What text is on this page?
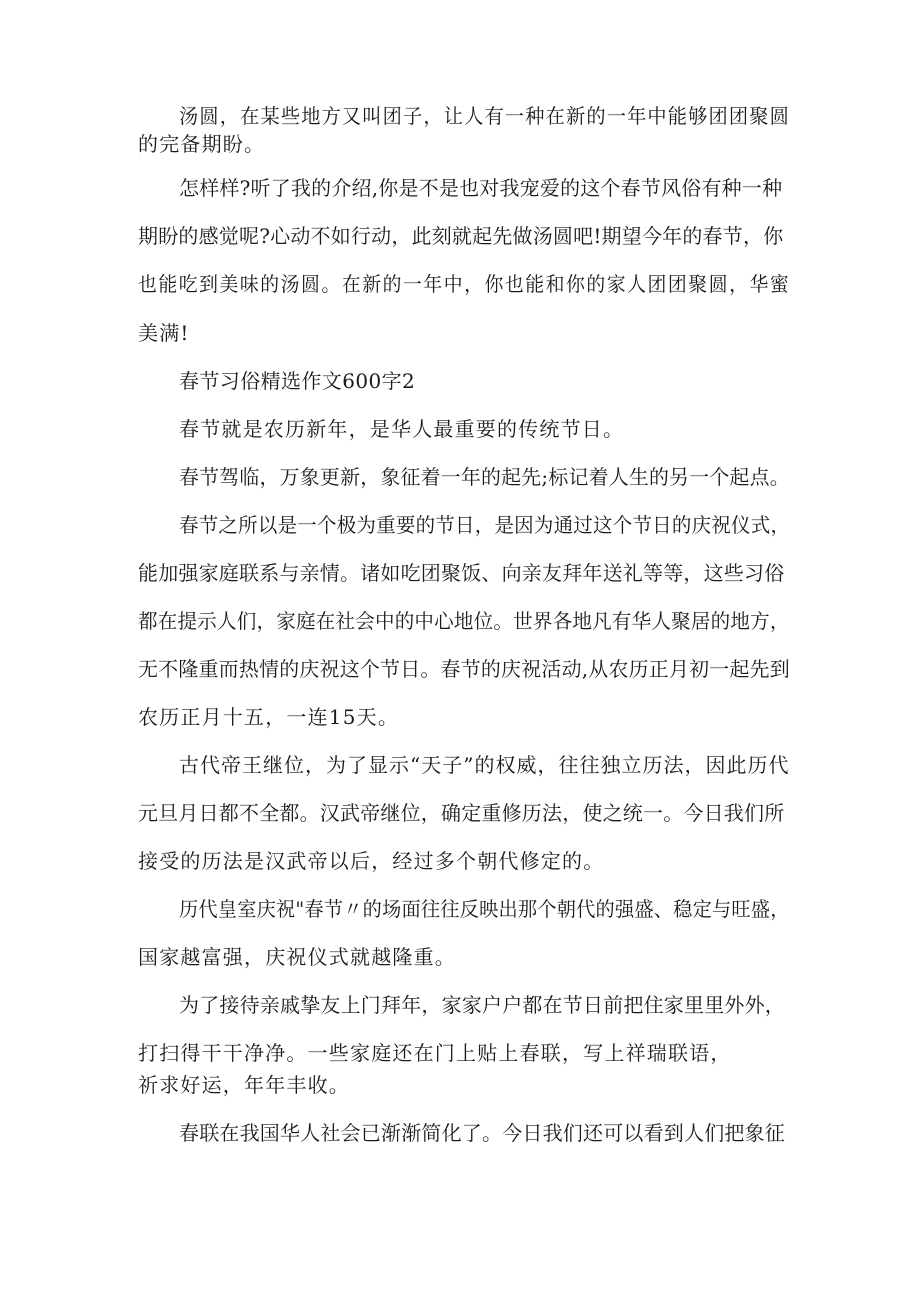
汤圆，在某些地方又叫团子，让人有一种在新的一年中能够团团聚圆

的完备期盼。

怎样样?听了我的介绍,你是不是也对我宠爱的这个春节风俗有种一种

期盼的感觉呢?心动不如行动，此刻就起先做汤圆吧!期望今年的春节，你

也能吃到美味的汤圆。在新的一年中，你也能和你的家人团团聚圆，华蜜

美满!

春节习俗精选作文600字2

春节就是农历新年，是华人最重要的传统节日。

春节驾临，万象更新，象征着一年的起先;标记着人生的另一个起点。

春节之所以是一个极为重要的节日，是因为通过这个节日的庆祝仪式，

能加强家庭联系与亲情。诸如吃团聚饭、向亲友拜年送礼等等，这些习俗

都在提示人们，家庭在社会中的中心地位。世界各地凡有华人聚居的地方，

无不隆重而热情的庆祝这个节日。春节的庆祝活动,从农历正月初一起先到

农历正月十五，一连15天。

古代帝王继位，为了显示“天子”的权威，往往独立历法，因此历代

元旦月日都不全都。汉武帝继位，确定重修历法，使之统一。今日我们所

接受的历法是汉武帝以后，经过多个朝代修定的。

历代皇室庆祝"春节〃的场面往往反映出那个朝代的强盛、稳定与旺盛，

国家越富强，庆祝仪式就越隆重。

为了接待亲戚挚友上门拜年，家家户户都在节日前把住家里里外外，

打扫得干干净净。一些家庭还在门上贴上春联，写上祥瑞联语，

祈求好运，年年丰收。

春联在我国华人社会已渐渐简化了。今日我们还可以看到人们把象征
